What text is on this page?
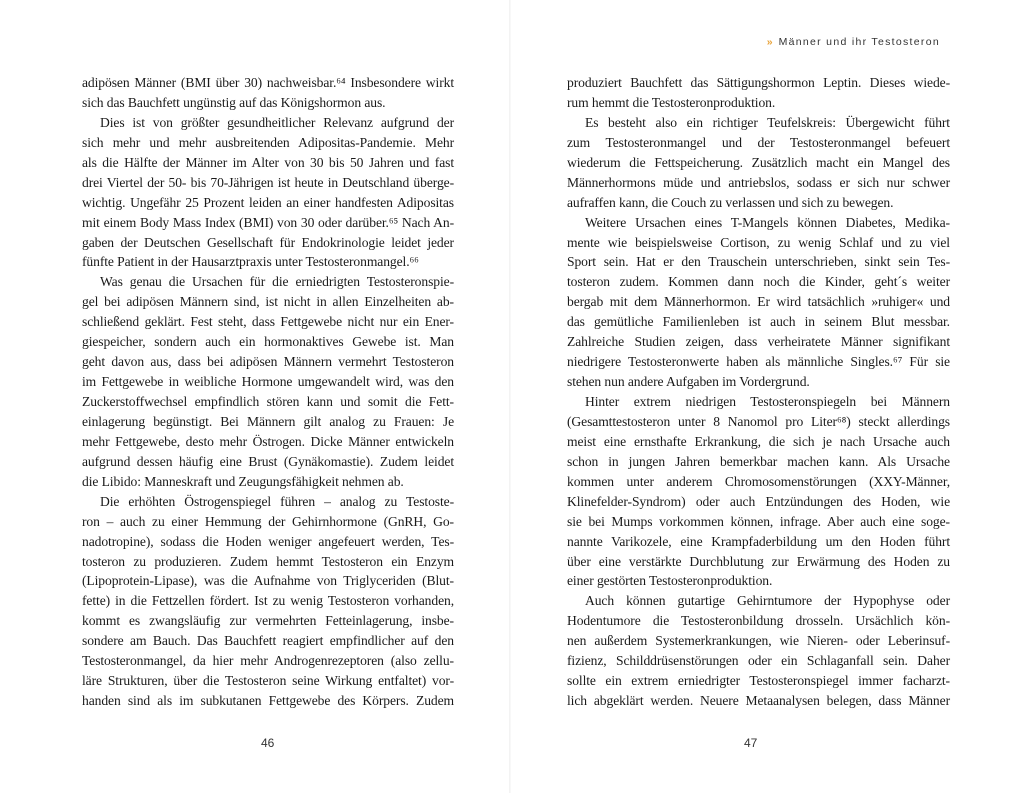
adipösen Männer (BMI über 30) nachweisbar.⁶⁴ Insbesondere wirkt
sich das Bauchfett ungünstig auf das Königshormon aus.
Dies ist von größter gesundheitlicher Relevanz aufgrund der
sich mehr und mehr ausbreitenden Adipositas-Pandemie. Mehr
als die Hälfte der Männer im Alter von 30 bis 50 Jahren und fast
drei Viertel der 50- bis 70-Jährigen ist heute in Deutschland überge-
wichtig. Ungefähr 25 Prozent leiden an einer handfesten Adipositas
mit einem Body Mass Index (BMI) von 30 oder darüber.⁶⁵ Nach An-
gaben der Deutschen Gesellschaft für Endokrinologie leidet jeder
fünfte Patient in der Hausarztpraxis unter Testosteronmangel.⁶⁶
Was genau die Ursachen für die erniedrigten Testosteronspie-
gel bei adipösen Männern sind, ist nicht in allen Einzelheiten ab-
schließend geklärt. Fest steht, dass Fettgewebe nicht nur ein Ener-
giespeicher, sondern auch ein hormonaktives Gewebe ist. Man
geht davon aus, dass bei adipösen Männern vermehrt Testosteron
im Fettgewebe in weibliche Hormone umgewandelt wird, was den
Zuckerstoffwechsel empfindlich stören kann und somit die Fett-
einlagerung begünstigt. Bei Männern gilt analog zu Frauen: Je
mehr Fettgewebe, desto mehr Östrogen. Dicke Männer entwickeln
aufgrund dessen häufig eine Brust (Gynäkomastie). Zudem leidet
die Libido: Manneskraft und Zeugungsfähigkeit nehmen ab.
Die erhöhten Östrogenspiegel führen – analog zu Testoste-
ron – auch zu einer Hemmung der Gehirnhormone (GnRH, Go-
nadotropine), sodass die Hoden weniger angefeuert werden, Tes-
tosteron zu produzieren. Zudem hemmt Testosteron ein Enzym
(Lipoprotein-Lipase), was die Aufnahme von Triglyceriden (Blut-
fette) in die Fettzellen fördert. Ist zu wenig Testosteron vorhanden,
kommt es zwangsläufig zur vermehrten Fetteinlagerung, insbe-
sondere am Bauch. Das Bauchfett reagiert empfindlicher auf den
Testosteronmangel, da hier mehr Androgenrezeptoren (also zellu-
läre Strukturen, über die Testosteron seine Wirkung entfaltet) vor-
handen sind als im subkutanen Fettgewebe des Körpers. Zudem
46
» Männer und ihr Testosteron
produziert Bauchfett das Sättigungshormon Leptin. Dieses wiede-
rum hemmt die Testosteronproduktion.
Es besteht also ein richtiger Teufelskreis: Übergewicht führt
zum Testosteronmangel und der Testosteronmangel befeuert
wiederum die Fettspeicherung. Zusätzlich macht ein Mangel des
Männerhormons müde und antriebslos, sodass er sich nur schwer
aufraffen kann, die Couch zu verlassen und sich zu bewegen.
Weitere Ursachen eines T-Mangels können Diabetes, Medika-
mente wie beispielsweise Cortison, zu wenig Schlaf und zu viel
Sport sein. Hat er den Trauschein unterschrieben, sinkt sein Tes-
tosteron zudem. Kommen dann noch die Kinder, geht´s weiter
bergab mit dem Männerhormon. Er wird tatsächlich »ruhiger« und
das gemütliche Familienleben ist auch in seinem Blut messbar.
Zahlreiche Studien zeigen, dass verheiratete Männer signifikant
niedrigere Testosteronwerte haben als männliche Singles.⁶⁷ Für sie
stehen nun andere Aufgaben im Vordergrund.
Hinter extrem niedrigen Testosteronspiegeln bei Männern
(Gesamttestosteron unter 8 Nanomol pro Liter⁶⁸) steckt allerdings
meist eine ernsthafte Erkrankung, die sich je nach Ursache auch
schon in jungen Jahren bemerkbar machen kann. Als Ursache
kommen unter anderem Chromosomenstörungen (XXY-Männer,
Klinefelder-Syndrom) oder auch Entzündungen des Hoden, wie
sie bei Mumps vorkommen können, infrage. Aber auch eine soge-
nannte Varikozele, eine Krampfaderbildung um den Hoden führt
über eine verstärkte Durchblutung zur Erwärmung des Hoden zu
einer gestörten Testosteronproduktion.
Auch können gutartige Gehirntumore der Hypophyse oder
Hodentumore die Testosteronbildung drosseln. Ursächlich kön-
nen außerdem Systemerkrankungen, wie Nieren- oder Leberinsuf-
fizienz, Schilddrüsenstörungen oder ein Schlaganfall sein. Daher
sollte ein extrem erniedrigter Testosteronspiegel immer facharzt-
lich abgeklärt werden. Neuere Metaanalysen belegen, dass Männer
47
